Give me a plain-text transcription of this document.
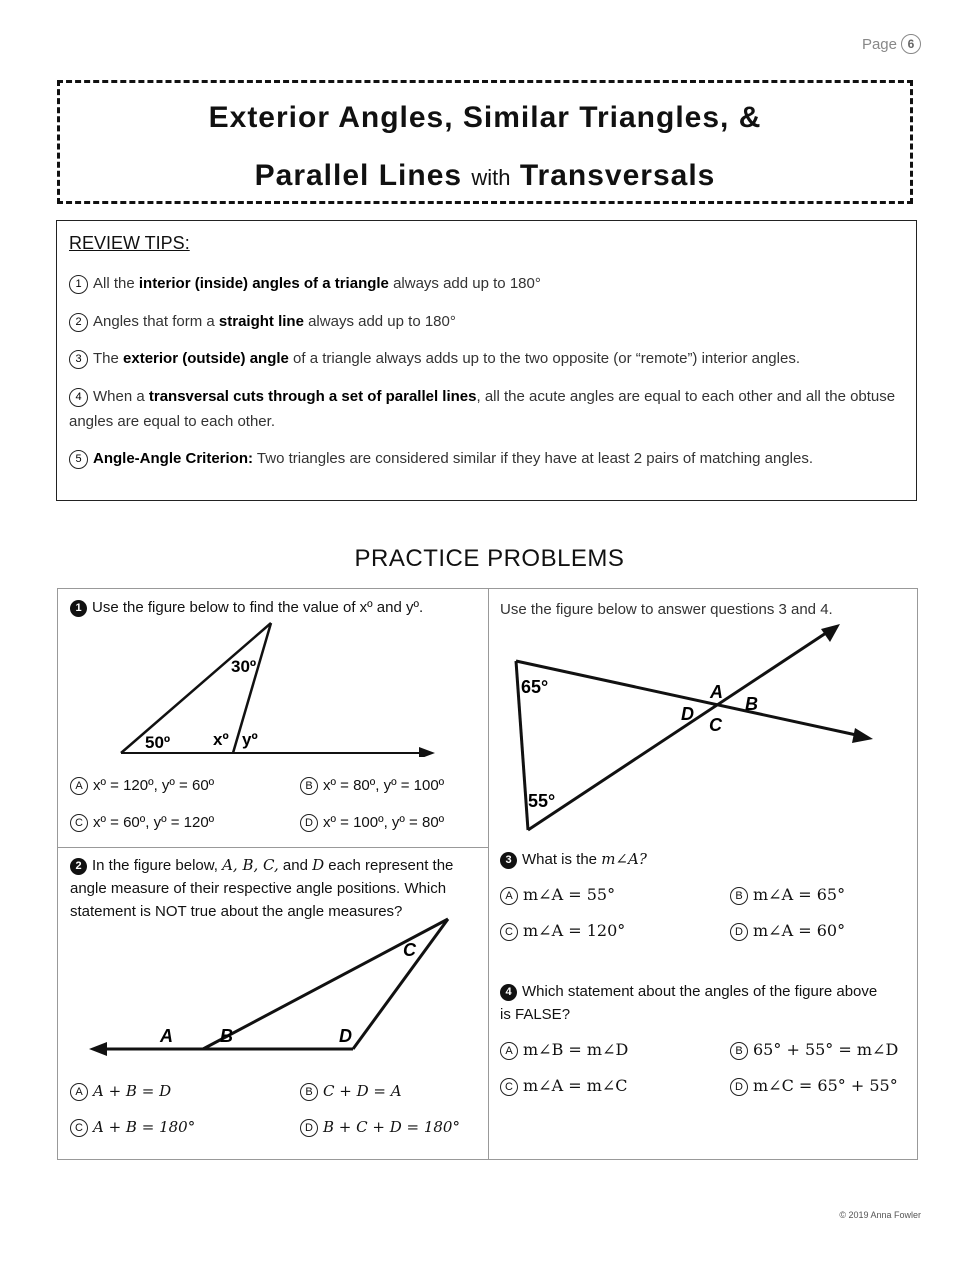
Page 6
Exterior Angles, Similar Triangles, &
Parallel Lines with Transversals
REVIEW TIPS:
1 All the interior (inside) angles of a triangle always add up to 180°
2 Angles that form a straight line always add up to 180°
3 The exterior (outside) angle of a triangle always adds up to the two opposite (or “remote”) interior angles.
4 When a transversal cuts through a set of parallel lines, all the acute angles are equal to each other and all the obtuse angles are equal to each other.
5 Angle-Angle Criterion: Two triangles are considered similar if they have at least 2 pairs of matching angles.
PRACTICE PROBLEMS
1 Use the figure below to find the value of xº and yº.
30º
50º	xº yº
A xº = 120º, yº = 60º	B xº = 80º, yº = 100º
C xº = 60º, yº = 120º	D xº = 100º, yº = 80º
2 In the figure below, A, B, C, and D each represent the angle measure of their respective angle positions. Which statement is NOT true about the angle measures?
C
A	B	D
A A + B = D	B C + D = A
C A + B = 180°	D B + C + D = 180°
Use the figure below to answer questions 3 and 4.
65°
55°
A
B
D
C
3 What is the m∠A?
A m∠A = 55°	B m∠A = 65°
C m∠A = 120°	D m∠A = 60°
4 Which statement about the angles of the figure above is FALSE?
A m∠B = m∠D	B 65° + 55° = m∠D
C m∠A = m∠C	D m∠C = 65° + 55°
© 2019 Anna Fowler
